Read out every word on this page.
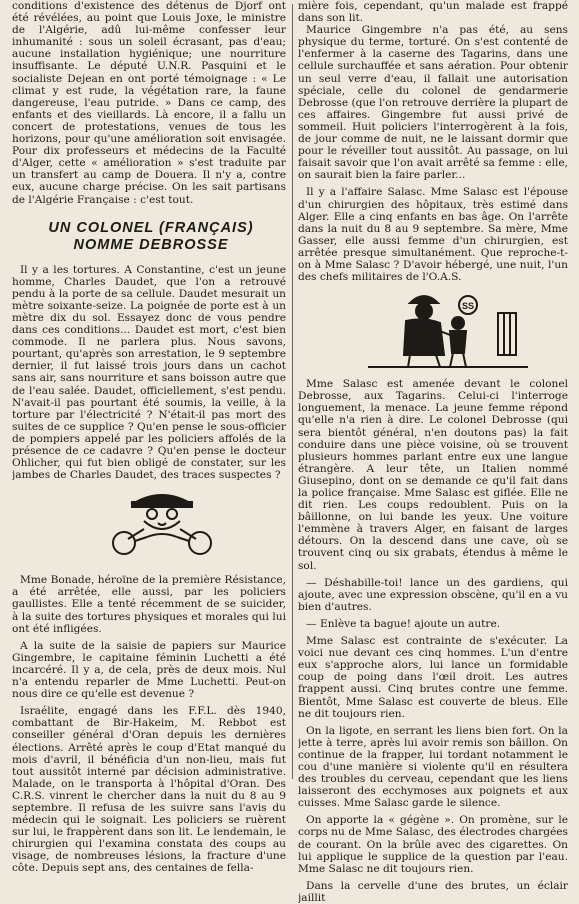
conditions d'existence des détenus de Djorf ont été révélées, au point que Louis Joxe, le ministre de l'Algérie, adû lui-même confesser leur inhumanité : sous un soleil écrasant, pas d'eau; aucune installation hygiénique; une nourriture insuffisante. Le député U.N.R. Pasquini et le socialiste Dejean en ont porté témoignage : « Le climat y est rude, la végétation rare, la faune dangereuse, l'eau putride. » Dans ce camp, des enfants et des vieillards. Là encore, il a fallu un concert de protestations, venues de tous les horizons, pour qu'une amélioration soit envisagée. Pour dix professeurs et médecins de la Faculté d'Alger, cette « amélioration » s'est traduite par un transfert au camp de Douera. Il n'y a, contre eux, aucune charge précise. On les sait partisans de l'Algérie Française : c'est tout.

UN COLONEL (FRANÇAIS) NOMME DEBROSSE

Il y a les tortures. A Constantine, c'est un jeune homme, Charles Daudet, que l'on a retrouvé pendu à la porte de sa cellule. Daudet mesurait un mètre soixante-seize. La poignée de porte est à un mètre dix du sol. Essayez donc de vous pendre dans ces conditions... Daudet est mort, c'est bien commode. Il ne parlera plus. Nous savons, pourtant, qu'après son arrestation, le 9 septembre dernier, il fut laissé trois jours dans un cachot sans air, sans nourriture et sans boisson autre que de l'eau salée. Daudet, officiellement, s'est pendu. N'avait-il pas pourtant été soumis, la veille, à la torture par l'électricité ? N'était-il pas mort des suites de ce supplice ? Qu'en pense le sous-officier de pompiers appelé par les policiers affolés de la présence de ce cadavre ? Qu'en pense le docteur Ohlicher, qui fut bien obligé de constater, sur les jambes de Charles Daudet, des traces suspectes ?

Mme Bonade, héroïne de la première Résistance, a été arrêtée, elle aussi, par les policiers gaullistes. Elle a tenté récemment de se suicider, à la suite des tortures physiques et morales qui lui ont été infligées.

A la suite de la saisie de papiers sur Maurice Gingembre, le capitaine féminin Luchetti a été incarcéré. Il y a, de cela, près de deux mois. Nul n'a entendu reparler de Mme Luchetti. Peut-on nous dire ce qu'elle est devenue ?

Israélite, engagé dans les F.F.L. dès 1940, combattant de Bir-Hakeim, M. Rebbot est conseiller général d'Oran depuis les dernières élections. Arrêté après le coup d'Etat manqué du mois d'avril, il bénéficia d'un non-lieu, mais fut tout aussitôt interné par décision administrative. Malade, on le transporta à l'hôpital d'Oran. Des C.R.S. vinrent le chercher dans la nuit du 8 au 9 septembre. Il refusa de les suivre sans l'avis du médecin qui le soignait. Les policiers se ruèrent sur lui, le frappèrent dans son lit. Le lendemain, le chirurgien qui l'examina constata des coups au visage, de nombreuses lésions, la fracture d'une côte. Depuis sept ans, des centaines de fella-

mière fois, cependant, qu'un malade est frappé dans son lit.

Maurice Gingembre n'a pas été, au sens physique du terme, torturé. On s'est contenté de l'enfermer à la caserne des Tagarins, dans une cellule surchauffée et sans aération. Pour obtenir un seul verre d'eau, il fallait une autorisation spéciale, celle du colonel de gendarmerie Debrosse (que l'on retrouve derrière la plupart de ces affaires. Gingembre fut aussi privé de sommeil. Huit policiers l'interrogèrent à la fois, de jour comme de nuit, ne le laissant dormir que pour le réveiller tout aussitôt. Au passage, on lui faisait savoir que l'on avait arrêté sa femme : elle, on saurait bien la faire parler...

Il y a l'affaire Salasc. Mme Salasc est l'épouse d'un chirurgien des hôpitaux, très estimé dans Alger. Elle a cinq enfants en bas âge. On l'arrête dans la nuit du 8 au 9 septembre. Sa mère, Mme Gasser, elle aussi femme d'un chirurgien, est arrêtée presque simultanément. Que reproche-t-on à Mme Salasc ? D'avoir hébergé, une nuit, l'un des chefs militaires de l'O.A.S.

SS

Mme Salasc est amenée devant le colonel Debrosse, aux Tagarins. Celui-ci l'interroge longuement, la menace. La jeune femme répond qu'elle n'a rien à dire. Le colonel Debrosse (qui sera bientôt général, n'en doutons pas) la fait conduire dans une pièce voisine, où se trouvent plusieurs hommes parlant entre eux une langue étrangère. A leur tête, un Italien nommé Giusepino, dont on se demande ce qu'il fait dans la police française. Mme Salasc est giflée. Elle ne dit rien. Les coups redoublent. Puis on la bâillonne, on lui bande les yeux. Une voiture l'emmène à travers Alger, en faisant de larges détours. On la descend dans une cave, où se trouvent cinq ou six grabats, étendus à même le sol.

— Déshabille-toi! lance un des gardiens, qui ajoute, avec une expression obscène, qu'il en a vu bien d'autres.

— Enlève ta bague! ajoute un autre.

Mme Salasc est contrainte de s'exécuter. La voici nue devant ces cinq hommes. L'un d'entre eux s'approche alors, lui lance un formidable coup de poing dans l'œil droit. Les autres frappent aussi. Cinq brutes contre une femme. Bientôt, Mme Salasc est couverte de bleus. Elle ne dit toujours rien.

On la ligote, en serrant les liens bien fort. On la jette à terre, après lui avoir remis son bâillon. On continue de la frapper, lui tordant notamment le cou d'une manière si violente qu'il en résultera des troubles du cerveau, cependant que les liens laisseront des ecchymoses aux poignets et aux cuisses. Mme Salasc garde le silence.

On apporte la « gégène ». On promène, sur le corps nu de Mme Salasc, des électrodes chargées de courant. On la brûle avec des cigarettes. On lui applique le supplice de la question par l'eau. Mme Salasc ne dit toujours rien.

Dans la cervelle d'une des brutes, un éclair jaillit
